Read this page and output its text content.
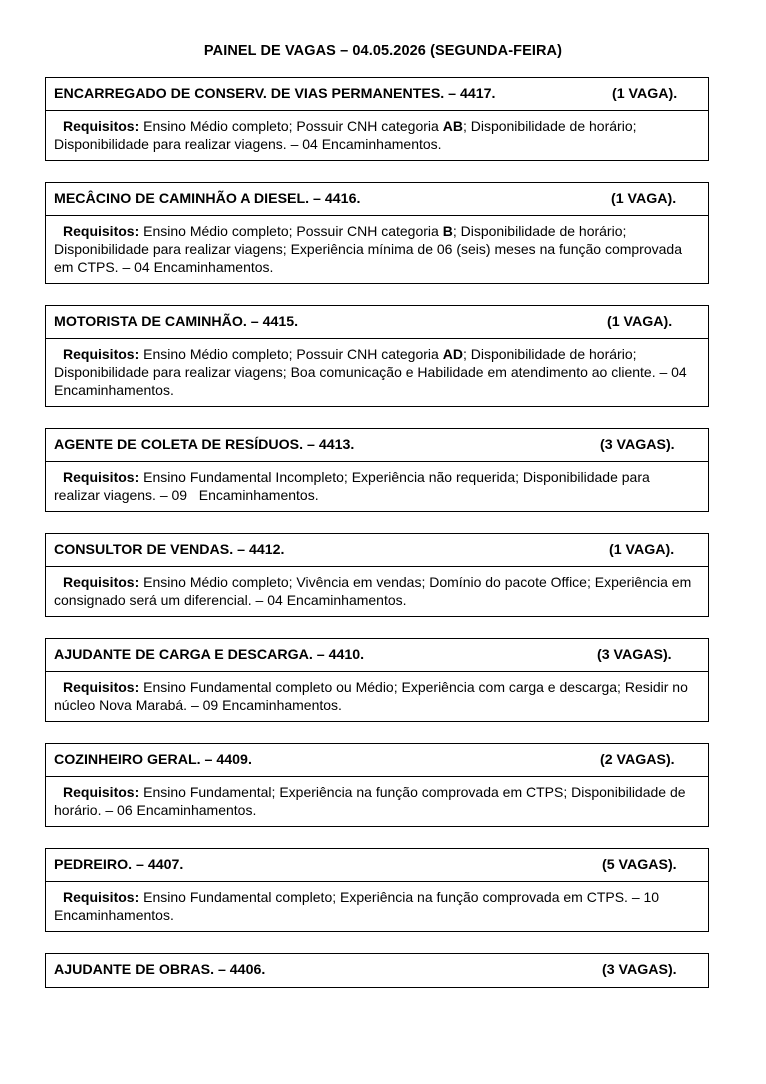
PAINEL DE VAGAS – 04.05.2026 (SEGUNDA-FEIRA)
ENCARREGADO DE CONSERV. DE VIAS PERMANENTES. – 4417.	(1 VAGA).
Requisitos: Ensino Médio completo; Possuir CNH categoria AB; Disponibilidade de horário; Disponibilidade para realizar viagens. – 04 Encaminhamentos.
MECÂCINO DE CAMINHÃO A DIESEL. – 4416.	(1 VAGA).
Requisitos: Ensino Médio completo; Possuir CNH categoria B; Disponibilidade de horário; Disponibilidade para realizar viagens; Experiência mínima de 06 (seis) meses na função comprovada em CTPS. – 04 Encaminhamentos.
MOTORISTA DE CAMINHÃO. – 4415.	(1 VAGA).
Requisitos: Ensino Médio completo; Possuir CNH categoria AD; Disponibilidade de horário; Disponibilidade para realizar viagens; Boa comunicação e Habilidade em atendimento ao cliente. – 04 Encaminhamentos.
AGENTE DE COLETA DE RESÍDUOS. – 4413.	(3 VAGAS).
Requisitos: Ensino Fundamental Incompleto; Experiência não requerida; Disponibilidade para realizar viagens. – 09   Encaminhamentos.
CONSULTOR DE VENDAS. – 4412.	(1 VAGA).
Requisitos: Ensino Médio completo; Vivência em vendas; Domínio do pacote Office; Experiência em consignado será um diferencial. – 04 Encaminhamentos.
AJUDANTE DE CARGA E DESCARGA. – 4410.	(3 VAGAS).
Requisitos: Ensino Fundamental completo ou Médio; Experiência com carga e descarga; Residir no núcleo Nova Marabá. – 09 Encaminhamentos.
COZINHEIRO GERAL. – 4409.	(2 VAGAS).
Requisitos: Ensino Fundamental; Experiência na função comprovada em CTPS; Disponibilidade de horário. – 06 Encaminhamentos.
PEDREIRO. – 4407.	(5 VAGAS).
Requisitos: Ensino Fundamental completo; Experiência na função comprovada em CTPS. – 10 Encaminhamentos.
AJUDANTE DE OBRAS. – 4406.	(3 VAGAS).
